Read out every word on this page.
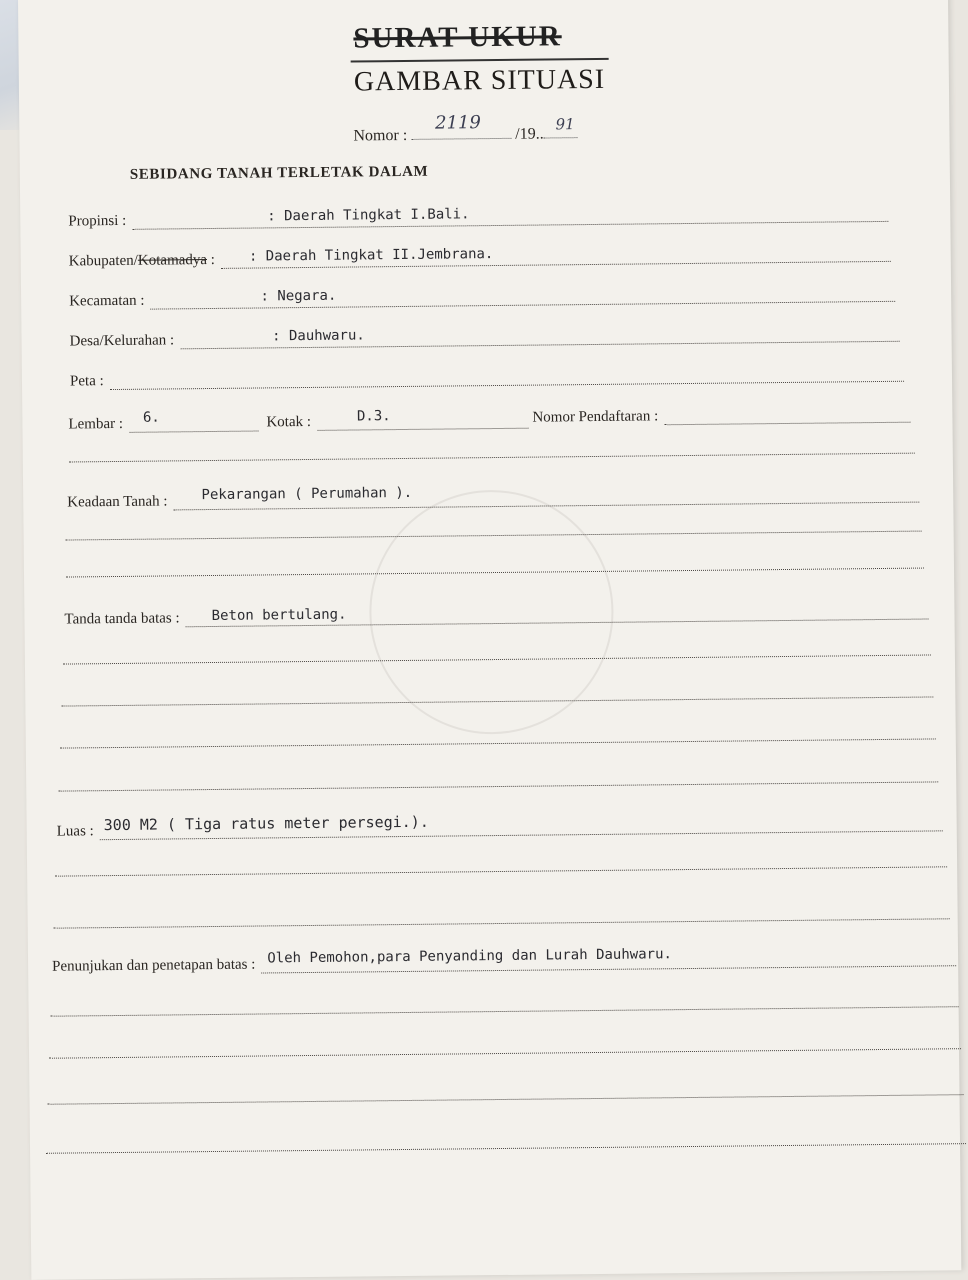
SURAT UKUR
GAMBAR SITUASI
Nomor :
2119
/19..
91
SEBIDANG TANAH TERLETAK DALAM
Propinsi :	: Daerah Tingkat I.Bali.
Kabupaten/Kotamadya :	: Daerah Tingkat II.Jembrana.
Kecamatan :	: Negara.
Desa/Kelurahan :	: Dauhwaru.
Peta :
Lembar :	6.	Kotak :	D.3.	Nomor Pendaftaran :
Keadaan Tanah :	Pekarangan ( Perumahan ).
Tanda tanda batas :	Beton bertulang.
Luas : 300 M2 ( Tiga ratus meter persegi.).
Penunjukan dan penetapan batas : Oleh Pemohon,para Penyanding dan Lurah Dauhwaru.
